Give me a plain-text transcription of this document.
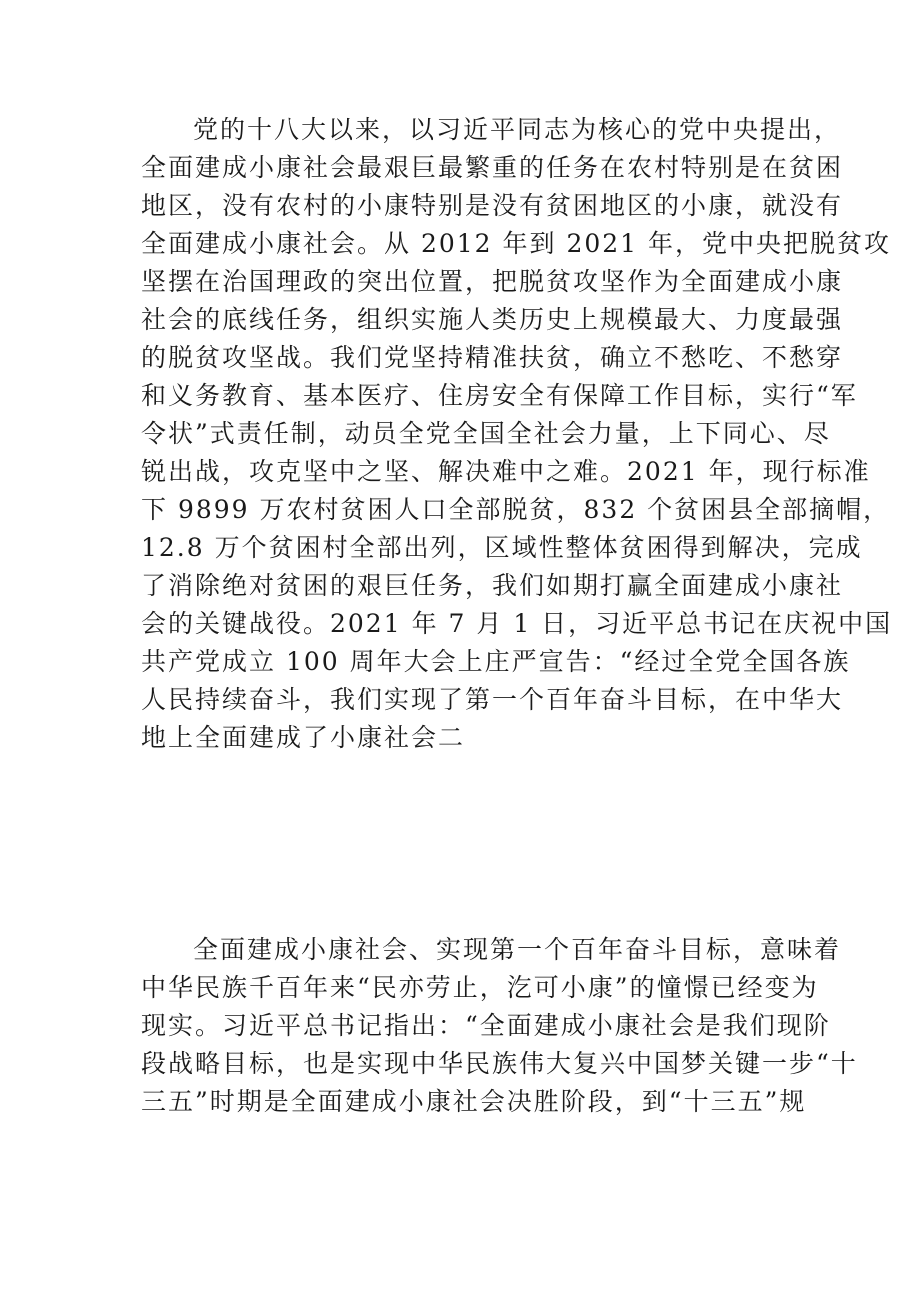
党的十八大以来，以习近平同志为核心的党中央提出，
全面建成小康社会最艰巨最繁重的任务在农村特别是在贫困
地区，没有农村的小康特别是没有贫困地区的小康，就没有
全面建成小康社会。从 2012 年到 2021 年，党中央把脱贫攻
坚摆在治国理政的突出位置，把脱贫攻坚作为全面建成小康
社会的底线任务，组织实施人类历史上规模最大、力度最强
的脱贫攻坚战。我们党坚持精准扶贫，确立不愁吃、不愁穿
和义务教育、基本医疗、住房安全有保障工作目标，实行“军
令状”式责任制，动员全党全国全社会力量，上下同心、尽
锐出战，攻克坚中之坚、解决难中之难。2021 年，现行标准
下 9899 万农村贫困人口全部脱贫，832 个贫困县全部摘帽，
12.8 万个贫困村全部出列，区域性整体贫困得到解决，完成
了消除绝对贫困的艰巨任务，我们如期打赢全面建成小康社
会的关键战役。2021 年 7 月 1 日，习近平总书记在庆祝中国
共产党成立 100 周年大会上庄严宣告：“经过全党全国各族
人民持续奋斗，我们实现了第一个百年奋斗目标，在中华大
地上全面建成了小康社会二
全面建成小康社会、实现第一个百年奋斗目标，意味着
中华民族千百年来“民亦劳止，汔可小康”的憧憬已经变为
现实。习近平总书记指出：“全面建成小康社会是我们现阶
段战略目标，也是实现中华民族伟大复兴中国梦关键一步“十
三五”时期是全面建成小康社会决胜阶段，到“十三五”规
